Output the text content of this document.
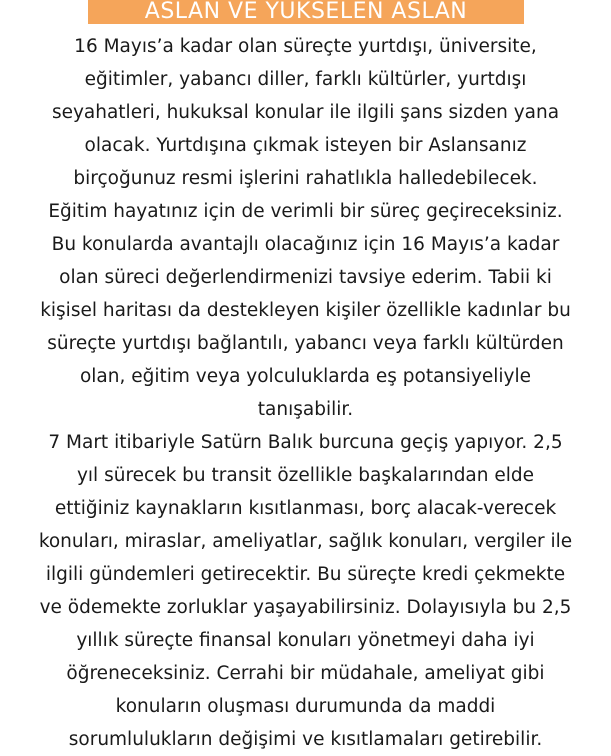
ASLAN VE YÜKSELEN ASLAN
16 Mayıs’a kadar olan süreçte yurtdışı, üniversite,
eğitimler, yabancı diller, farklı kültürler, yurtdışı
seyahatleri, hukuksal konular ile ilgili şans sizden yana
olacak. Yurtdışına çıkmak isteyen bir Aslansanız
birçoğunuz resmi işlerini rahatlıkla halledebilecek.
Eğitim hayatınız için de verimli bir süreç geçireceksiniz.
Bu konularda avantajlı olacağınız için 16 Mayıs’a kadar
olan süreci değerlendirmenizi tavsiye ederim. Tabii ki
kişisel haritası da destekleyen kişiler özellikle kadınlar bu
süreçte yurtdışı bağlantılı, yabancı veya farklı kültürden
olan, eğitim veya yolculuklarda eş potansiyeliyle
tanışabilir.
7 Mart itibariyle Satürn Balık burcuna geçiş yapıyor. 2,5
yıl sürecek bu transit özellikle başkalarından elde
ettiğiniz kaynakların kısıtlanması, borç alacak-verecek
konuları, miraslar, ameliyatlar, sağlık konuları, vergiler ile
ilgili gündemleri getirecektir. Bu süreçte kredi çekmekte
ve ödemekte zorluklar yaşayabilirsiniz. Dolayısıyla bu 2,5
yıllık süreçte finansal konuları yönetmeyi daha iyi
öğreneceksiniz. Cerrahi bir müdahale, ameliyat gibi
konuların oluşması durumunda da maddi
sorumlulukların değişimi ve kısıtlamaları getirebilir.
